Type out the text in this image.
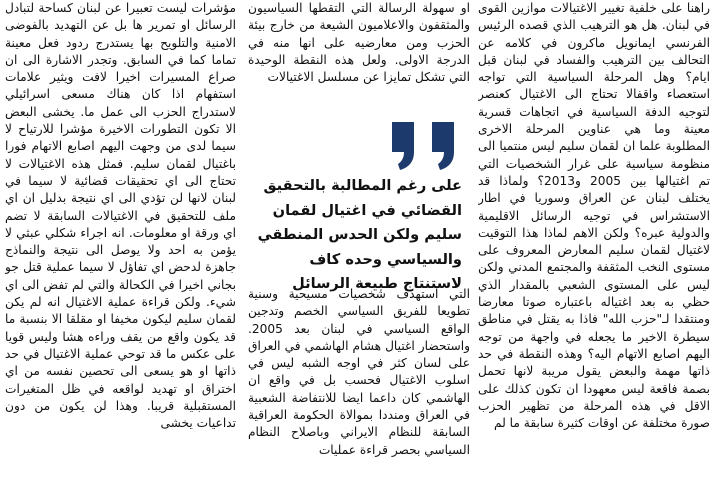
راهنا على خلفية تغيير الاغتيالات موازين القوى في لبنان. هل هو الترهيب الذي قصده الرئيس الفرنسي ايمانويل ماكرون في كلامه عن التحالف بين الترهيب والفساد في لبنان قبل ايام؟ وهل المرحلة السياسية التي تواجه استعصاء واقفالا تحتاج الى الاغتيال كعنصر لتوجيه الدفة السياسية في اتجاهات قسرية معينة وما هي عناوين المرحلة الاخرى المطلوبة علما ان لقمان سليم ليس منتميا الى منظومة سياسية على غرار الشخصيات التي تم اغتيالها بين 2005 و2013؟ ولماذا قد يختلف لبنان عن العراق وسوريا في اطار الاستشراس في توجيه الرسائل الاقليمية والدولية عبره؟ ولكن الاهم لماذا هذا التوقيت لاغتيال لقمان سليم المعارض المعروف على مستوى النخب المثقفة والمجتمع المدني ولكن ليس على المستوى الشعبي بالمقدار الذي حظي به بعد اغتياله باعتباره صوتا معارضا ومنتقدا لـ"حزب الله" فاذا به يقتل في مناطق سيطرة الاخير ما يجعله في واجهة من توجه اليهم اصابع الاتهام اليه؟ وهذه النقطة في حد ذاتها مهمة والبعض يقول مريبة لانها تحمل بصمة فاقعة ليس معهودا ان تكون كذلك على الاقل في هذه المرحلة من تظهير الحزب صورة مختلفة عن اوقات كثيرة سابقة ما لم

او سهولة الرسالة التي التقطها السياسيون والمثقفون والاعلاميون الشيعة من خارج بيئة الحزب ومن معارضيه على انها منه في الدرجة الاولى. ولعل هذه النقطة الوحيدة التي تشكل تمايزا عن مسلسل الاغتيالات

على رغم المطالبة بالتحقيق القضائي في اغتيال لقمان سليم ولكن الحدس المنطقي والسياسي وحده كاف لاستنتاج طبيعة الرسائل

التي استهدف شخصيات مسيحية وسنية تطويعا للفريق السياسي الخصم وتدجين الواقع السياسي في لبنان بعد 2005. واستحضار اغتيال هشام الهاشمي في العراق على لسان كثر في اوجه الشبه ليس في اسلوب الاغتيال فحسب بل في واقع ان الهاشمي كان داعما ايضا للانتفاضة الشعبية في العراق ومنددا بموالاة الحكومة العراقية السابقة للنظام الايراني وباصلاح النظام السياسي بحصر قراءة عمليات

مؤشرات ليست تعبيرا عن لبنان كساحة لتبادل الرسائل او تمرير ها بل عن التهديد بالفوضى الامنية والتلويح بها يستدرج ردود فعل معينة تماما كما في السابق. وتجدر الاشارة الى ان صراع المسيرات اخيرا لافت ويثير علامات استفهام اذا كان هناك مسعى اسرائيلي لاستدراج الحزب الى عمل ما. يخشى البعض الا تكون التطورات الاخيرة مؤشرا للارتياح لا سيما لدى من وجهت اليهم اصابع الاتهام فورا باغتيال لقمان سليم. فمثل هذه الاغتيالات لا تحتاج الى اي تحقيقات قضائية لا سيما في لبنان لانها لن تؤدي الى اي نتيجة بدليل ان اي ملف للتحقيق في الاغتيالات السابقة لا تضم اي ورقة او معلومات. انه اجراء شكلي عبثي لا يؤمن به احد ولا يوصل الى نتيجة والنماذج جاهزة لدحض اي تفاؤل لا سيما عملية قتل جو بجاني اخيرا في الكحالة والتي لم تفض الى اي شيء. ولكن قراءة عملية الاغتيال انه لم يكن لقمان سليم ليكون مخيفا او مقلقا الا بنسبة ما قد يكون واقع من يقف وراءه هشا وليس قويا على عكس ما قد توحي عملية الاغتيال في حد ذاتها او هو يسعى الى تحصين نفسه من اي اختراق او تهديد لواقعه في ظل المتغيرات المستقبلية قريبا. وهذا لن يكون من دون تداعيات يخشى
